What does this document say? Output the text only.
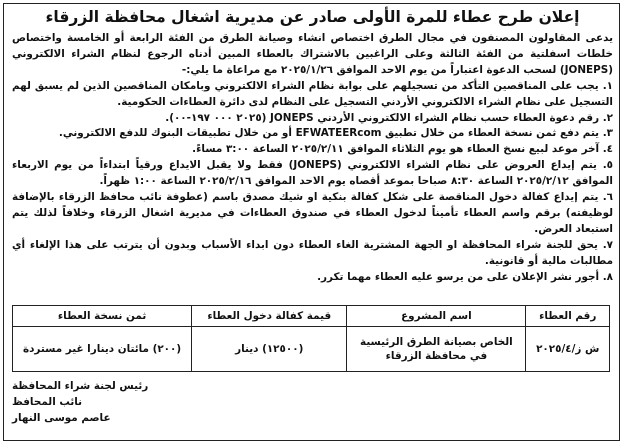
إعلان طرح عطاء للمرة الأولى صادر عن مديرية اشغال محافظة الزرقاء

يدعى المقاولون المصنفون في مجال الطرق اختصاص انشاء وصيانة الطرق من الفئة الرابعة أو الخامسة واختصاص خلطات اسفلتية من الفئة الثالثة وعلى الراغبين بالاشتراك بالعطاء المبين أدناه الرجوع لنظام الشراء الالكتروني (JONEPS) لسحب الدعوة اعتباراً من يوم الاحد الموافق ٢٠٢٥/١/٢٦ مع مراعاة ما يلي:-

١. يجب على المناقصين التأكد من تسجيلهم على بوابة نظام الشراء الالكتروني وبامكان المناقصين الذين لم يسبق لهم التسجيل على نظام الشراء الالكتروني الأردني التسجيل على النظام لدى دائرة العطاءات الحكومية.

٢. رقم دعوة العطاء حسب نظام الشراء الالكتروني الأردني JONEPS (٢٠٢٥ ٠٠٠ ١٩٧-٠٠).

٣. يتم دفع ثمن نسخة العطاء من خلال تطبيق EFWATEERcom أو من خلال تطبيقات البنوك للدفع الالكتروني.

٤. آخر موعد لبيع نسخ العطاء هو يوم الثلاثاء الموافق ٢٠٢٥/٢/١١ الساعة ٣:٠٠ مساءً.

٥. يتم إيداع العروض على نظام الشراء الالكتروني (JONEPS) فقط ولا يقبل الايداع ورقياً ابتداءاً من يوم الاربعاء الموافق ٢٠٢٥/٢/١٢ الساعة ٨:٣٠ صباحا بموعد أقصاه يوم الاحد الموافق ٢٠٢٥/٢/١٦ الساعة ١:٠٠ ظهراً.

٦. يتم إيداع كفالة دخول المناقصة على شكل كفالة بنكية او شيك مصدق باسم (عطوفة نائب محافظ الزرقاء بالإضافة لوظيفته) برقم واسم العطاء تأميناً لدخول العطاء في صندوق العطاءات في مديرية اشغال الزرقاء وخلافاً لذلك يتم استبعاد العرض.

٧. يحق للجنة شراء المحافظة او الجهة المشترية الغاء العطاء دون ابداء الأسباب وبدون أن يترتب على هذا الإلغاء أي مطالبات مالية أو قانونية.

٨. أجور نشر الإعلان على من يرسو عليه العطاء مهما تكرر.

رقم العطاء	اسم المشروع	قيمة كفالة دخول العطاء	ثمن نسخة العطاء
ش ز/٢٠٢٥/٤	الخاص بصيانة الطرق الرئيسية في محافظة الزرقاء	(١٢٥٠٠) دينار	(٢٠٠) مائتان دينارا غير مستردة
رئيس لجنة شراء المحافظة
نائب المحافظ
عاصم موسى النهار
